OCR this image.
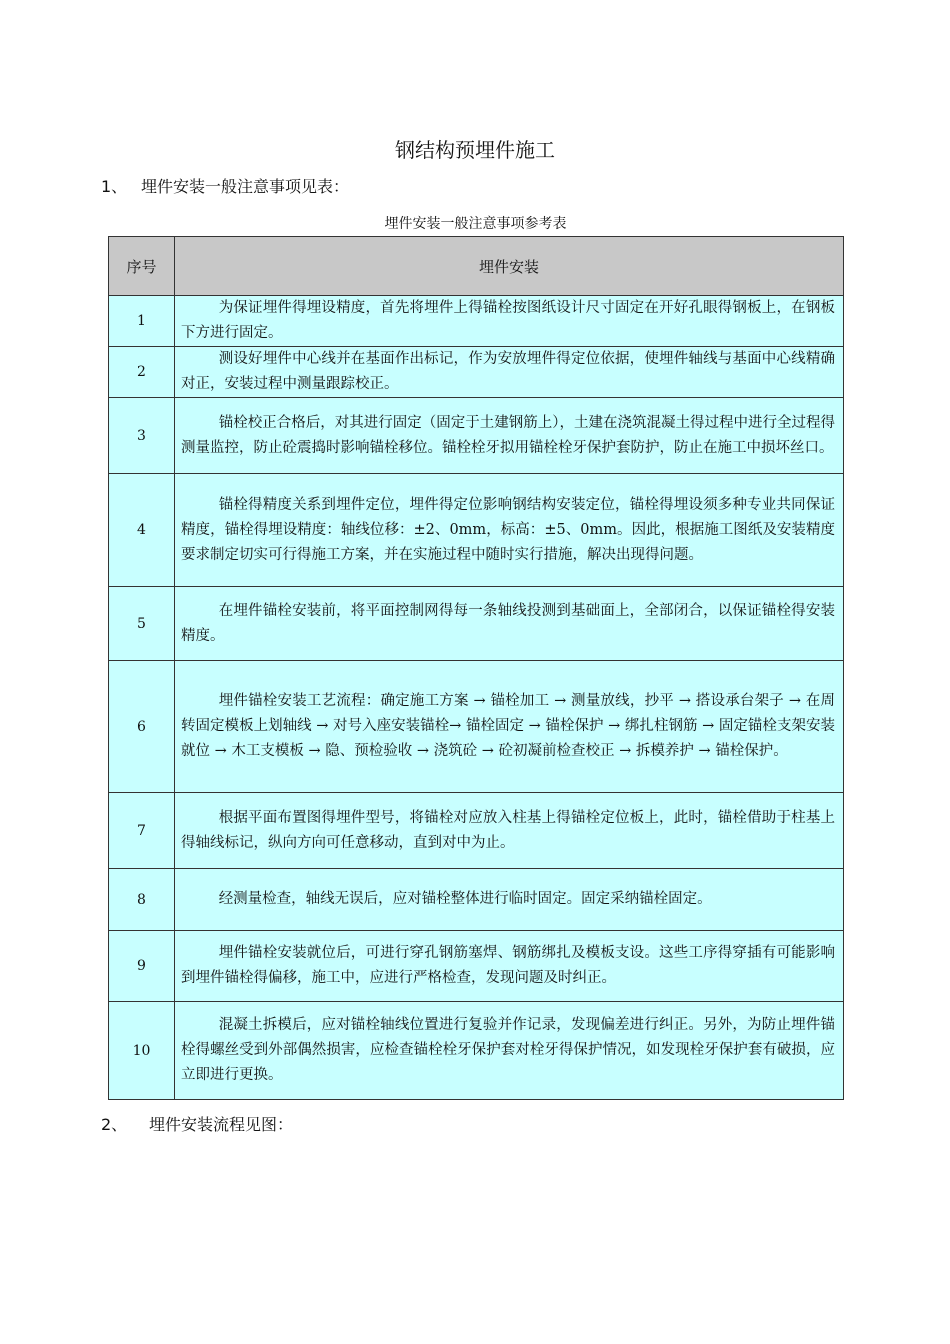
钢结构预埋件施工
1、 埋件安装一般注意事项见表：
埋件安装一般注意事项参考表
序号	埋件安装
1	为保证埋件得埋设精度，首先将埋件上得锚栓按图纸设计尺寸固定在开好孔眼得钢板上，在钢板下方进行固定。
2	测设好埋件中心线并在基面作出标记，作为安放埋件得定位依据，使埋件轴线与基面中心线精确对正，安装过程中测量跟踪校正。
3	锚栓校正合格后，对其进行固定（固定于土建钢筋上），土建在浇筑混凝土得过程中进行全过程得测量监控，防止砼震捣时影响锚栓移位。锚栓栓牙拟用锚栓栓牙保护套防护，防止在施工中损坏丝口。
4	锚栓得精度关系到埋件定位，埋件得定位影响钢结构安装定位，锚栓得埋设须多种专业共同保证精度，锚栓得埋设精度：轴线位移：±2、0mm，标高：±5、0mm。因此，根据施工图纸及安装精度要求制定切实可行得施工方案，并在实施过程中随时实行措施，解决出现得问题。
5	在埋件锚栓安装前，将平面控制网得每一条轴线投测到基础面上，全部闭合，以保证锚栓得安装精度。
6	埋件锚栓安装工艺流程：确定施工方案 → 锚栓加工 → 测量放线，抄平 → 搭设承台架子 → 在周转固定模板上划轴线 → 对号入座安装锚栓→ 锚栓固定 → 锚栓保护 → 绑扎柱钢筋 → 固定锚栓支架安装就位 → 木工支模板 → 隐、预检验收 → 浇筑砼 → 砼初凝前检查校正 → 拆模养护 → 锚栓保护。
7	根据平面布置图得埋件型号，将锚栓对应放入柱基上得锚栓定位板上，此时，锚栓借助于柱基上得轴线标记，纵向方向可任意移动，直到对中为止。
8	经测量检查，轴线无误后，应对锚栓整体进行临时固定。固定采纳锚栓固定。
9	埋件锚栓安装就位后，可进行穿孔钢筋塞焊、钢筋绑扎及模板支设。这些工序得穿插有可能影响到埋件锚栓得偏移，施工中，应进行严格检查，发现问题及时纠正。
10	混凝土拆模后，应对锚栓轴线位置进行复验并作记录，发现偏差进行纠正。另外，为防止埋件锚栓得螺丝受到外部偶然损害，应检查锚栓栓牙保护套对栓牙得保护情况，如发现栓牙保护套有破损，应立即进行更换。
2、 埋件安装流程见图：
